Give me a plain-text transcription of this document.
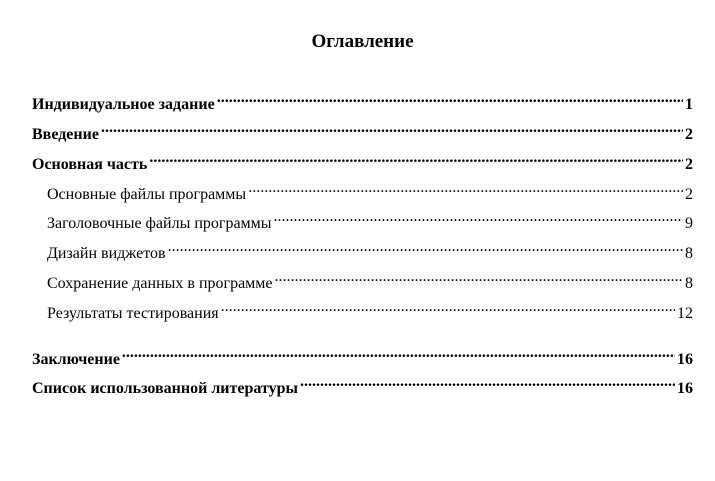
Оглавление
Индивидуальное задание .....	1
Введение .....	2
Основная часть .....	2
Основные файлы программы .....	2
Заголовочные файлы программы .....	9
Дизайн виджетов .....	8
Сохранение данных в программе .....	8
Результаты тестирования .....	12
Заключение .....	16
Список использованной литературы .....	16
